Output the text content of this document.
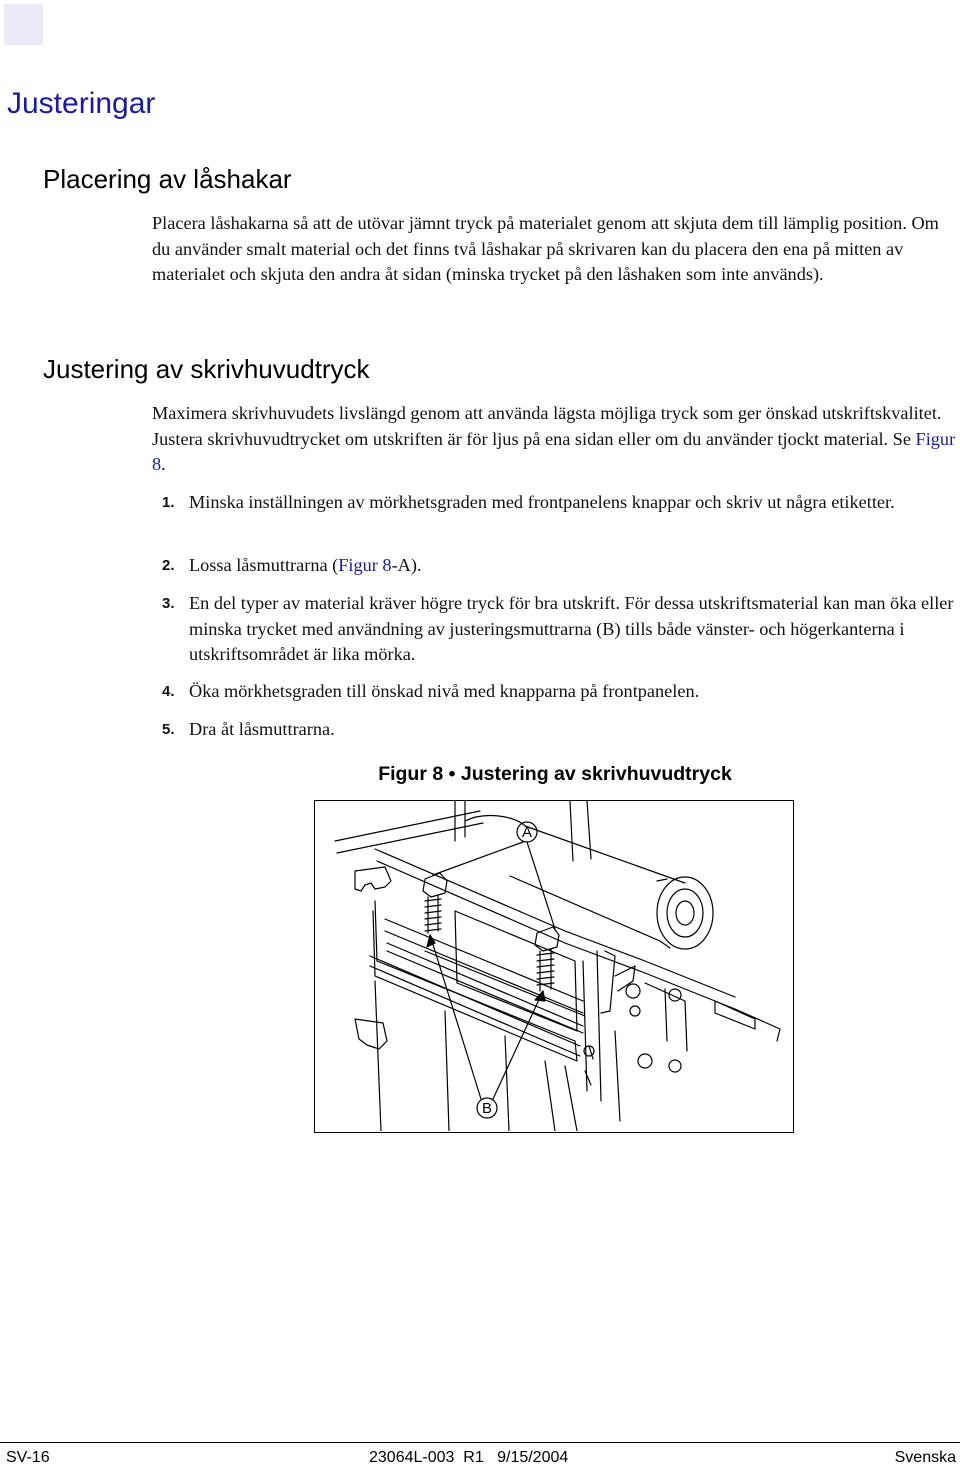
Justeringar
Placering av låshakar

Placera låshakarna så att de utövar jämnt tryck på materialet genom att skjuta dem till lämplig position. Om du använder smalt material och det finns två låshakar på skrivaren kan du placera den ena på mitten av materialet och skjuta den andra åt sidan (minska trycket på den låshaken som inte används).

Justering av skrivhuvudtryck

Maximera skrivhuvudets livslängd genom att använda lägsta möjliga tryck som ger önskad utskriftskvalitet. Justera skrivhuvudtrycket om utskriften är för ljus på ena sidan eller om du använder tjockt material. Se Figur 8.

1. Minska inställningen av mörkhetsgraden med frontpanelens knappar och skriv ut några etiketter.
2. Lossa låsmuttrarna (Figur 8-A).
3. En del typer av material kräver högre tryck för bra utskrift. För dessa utskriftsmaterial kan man öka eller minska trycket med användning av justeringsmuttrarna (B) tills både vänster- och högerkanterna i utskriftsområdet är lika mörka.
4. Öka mörkhetsgraden till önskad nivå med knapparna på frontpanelen.
5. Dra åt låsmuttrarna.
Figur 8 • Justering av skrivhuvudtryck
A
B
SV-16	23064L-003  R1   9/15/2004	Svenska
